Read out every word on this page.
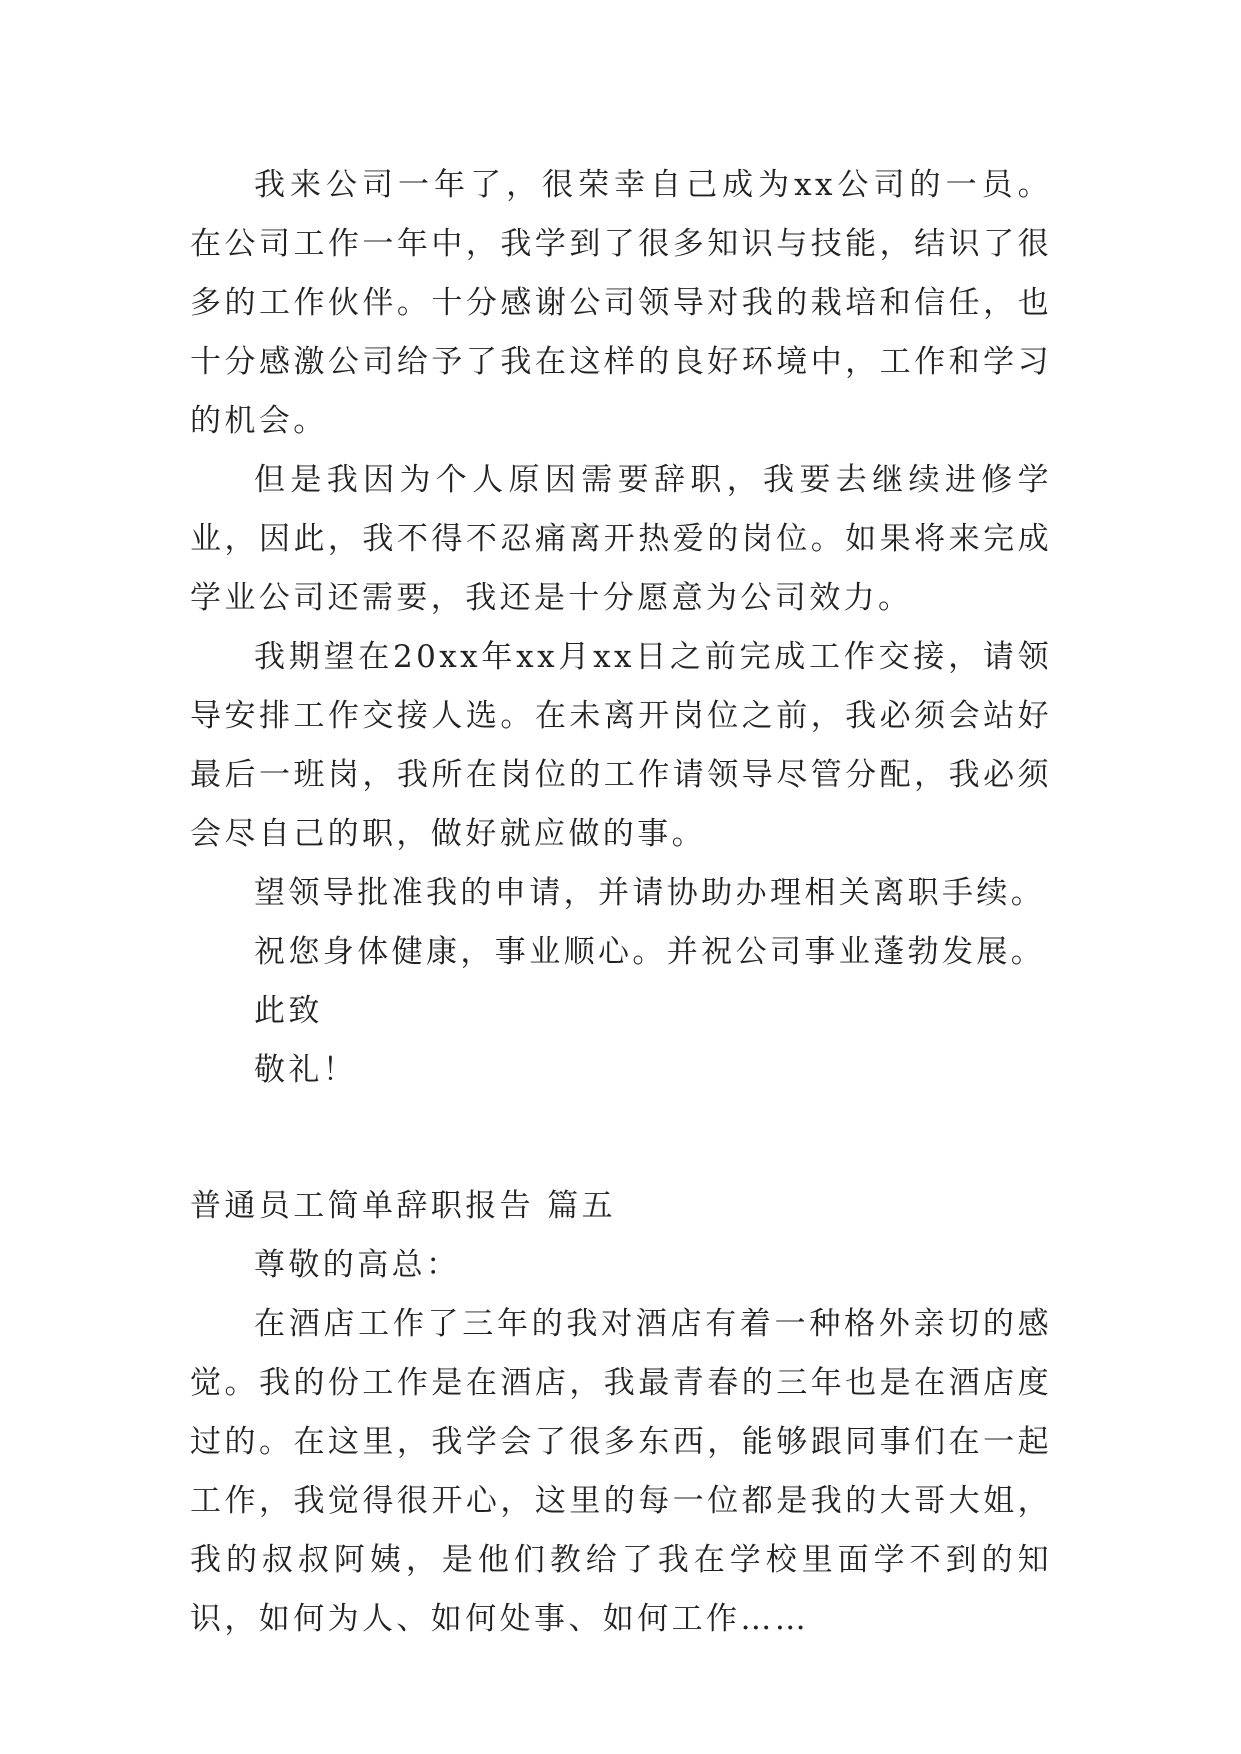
我来公司一年了，很荣幸自己成为xx公司的一员。在公司工作一年中，我学到了很多知识与技能，结识了很多的工作伙伴。十分感谢公司领导对我的栽培和信任，也十分感激公司给予了我在这样的良好环境中，工作和学习的机会。

但是我因为个人原因需要辞职，我要去继续进修学业，因此，我不得不忍痛离开热爱的岗位。如果将来完成学业公司还需要，我还是十分愿意为公司效力。

我期望在20xx年xx月xx日之前完成工作交接，请领导安排工作交接人选。在未离开岗位之前，我必须会站好最后一班岗，我所在岗位的工作请领导尽管分配，我必须会尽自己的职，做好就应做的事。

望领导批准我的申请，并请协助办理相关离职手续。

祝您身体健康，事业顺心。并祝公司事业蓬勃发展。

此致

敬礼！

普通员工简单辞职报告 篇五

尊敬的高总：

在酒店工作了三年的我对酒店有着一种格外亲切的感觉。我的份工作是在酒店，我最青春的三年也是在酒店度过的。在这里，我学会了很多东西，能够跟同事们在一起工作，我觉得很开心，这里的每一位都是我的大哥大姐，我的叔叔阿姨，是他们教给了我在学校里面学不到的知识，如何为人、如何处事、如何工作……
